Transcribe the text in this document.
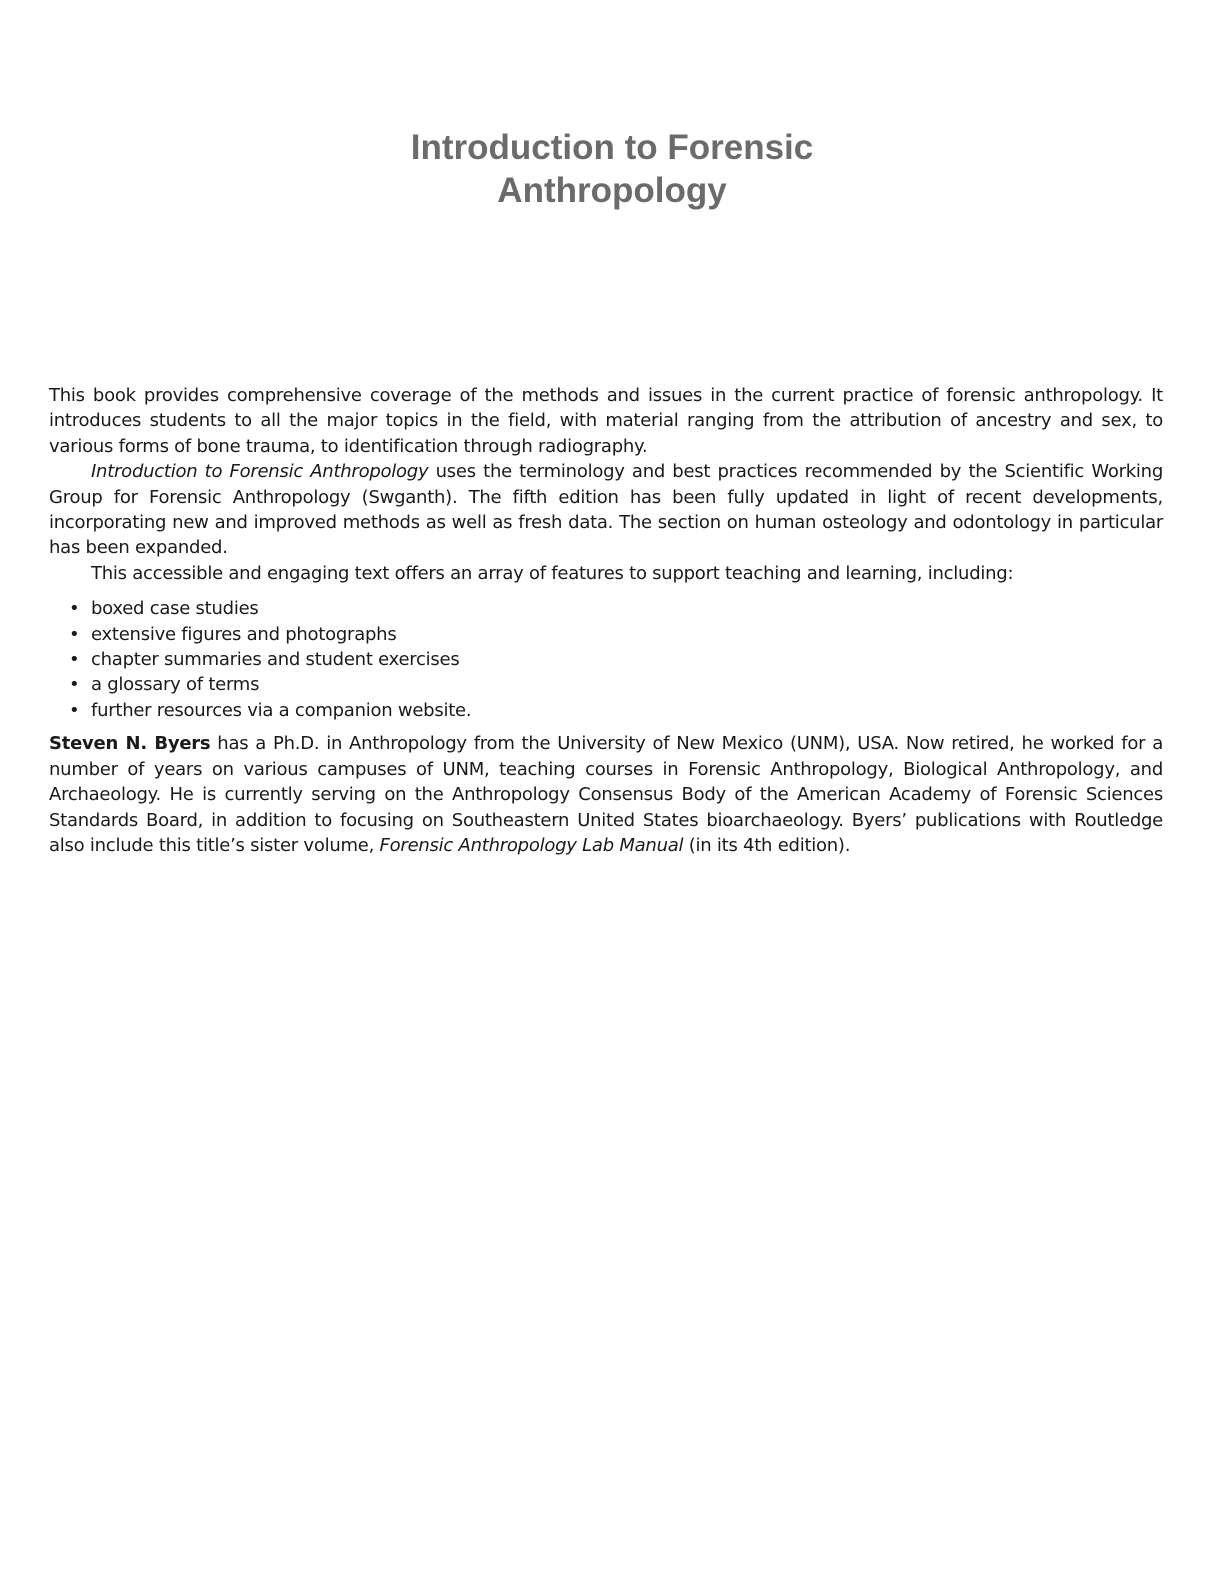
Introduction to Forensic
Anthropology

This book provides comprehensive coverage of the methods and issues in the current practice of forensic anthropology. It introduces students to all the major topics in the field, with material ranging from the attribution of ancestry and sex, to various forms of bone trauma, to identification through radiography.

Introduction to Forensic Anthropology uses the terminology and best practices recommended by the Scientific Working Group for Forensic Anthropology (Swganth). The fifth edition has been fully updated in light of recent developments, incorporating new and improved methods as well as fresh data. The section on human osteology and odontology in particular has been expanded.

This accessible and engaging text offers an array of features to support teaching and learning, including:

• boxed case studies
• extensive figures and photographs
• chapter summaries and student exercises
• a glossary of terms
• further resources via a companion website.

Steven N. Byers has a Ph.D. in Anthropology from the University of New Mexico (UNM), USA. Now retired, he worked for a number of years on various campuses of UNM, teaching courses in Forensic Anthropology, Biological Anthropology, and Archaeology. He is currently serving on the Anthropology Consensus Body of the American Academy of Forensic Sciences Standards Board, in addition to focusing on Southeastern United States bioarchaeology. Byers’ publications with Routledge also include this title’s sister volume, Forensic Anthropology Lab Manual (in its 4th edition).
